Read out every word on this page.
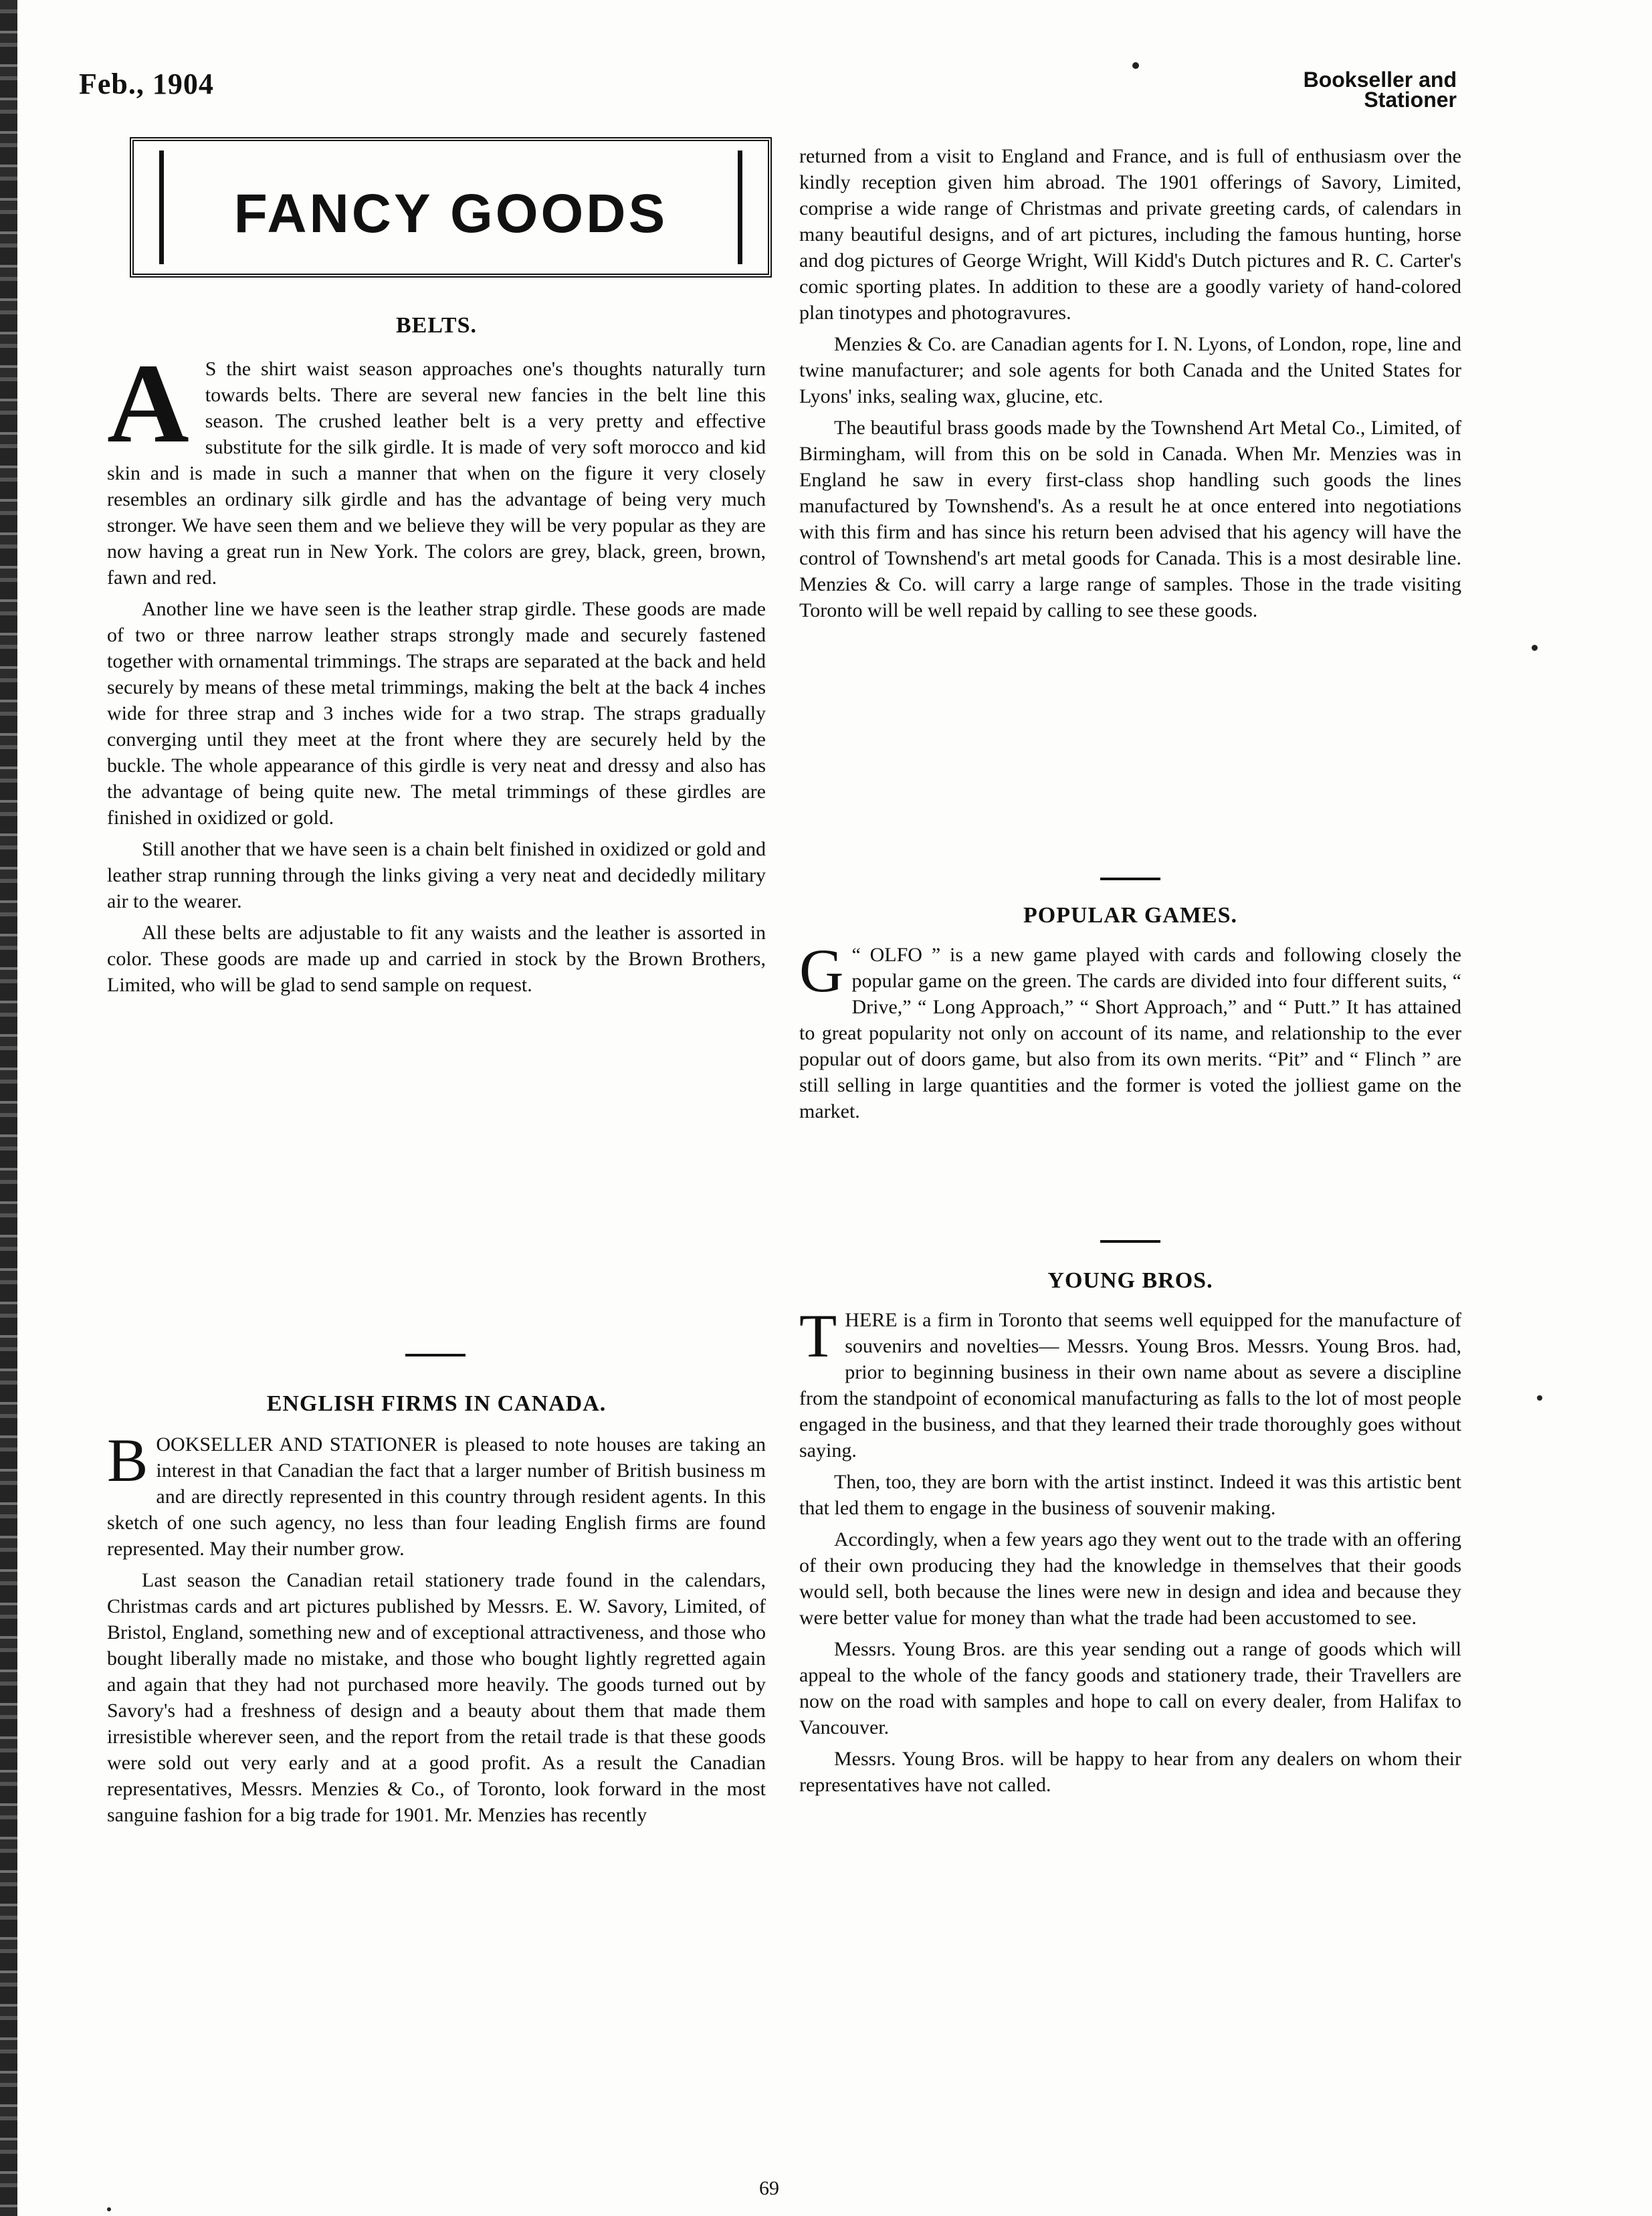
Feb., 1904	Bookseller and
Stationer
FANCY GOODS

BELTS.

A S the shirt waist season approaches one's thoughts naturally turn towards belts. There are several new fancies in the belt line this season. The crushed leather belt is a very pretty and effective substitute for the silk girdle. It is made of very soft morocco and kid skin and is made in such a manner that when on the figure it very closely resembles an ordinary silk girdle and has the advantage of being very much stronger. We have seen them and we believe they will be very popular as they are now having a great run in New York. The colors are grey, black, green, brown, fawn and red.

Another line we have seen is the leather strap girdle. These goods are made of two or three narrow leather straps strongly made and securely fastened together with ornamental trimmings. The straps are separated at the back and held securely by means of these metal trimmings, making the belt at the back 4 inches wide for three strap and 3 inches wide for a two strap. The straps gradually converging until they meet at the front where they are securely held by the buckle. The whole appearance of this girdle is very neat and dressy and also has the advantage of being quite new. The metal trimmings of these girdles are finished in oxidized or gold.

Still another that we have seen is a chain belt finished in oxidized or gold and leather strap running through the links giving a very neat and decidedly military air to the wearer.

All these belts are adjustable to fit any waists and the leather is assorted in color. These goods are made up and carried in stock by the Brown Brothers, Limited, who will be glad to send sample on request.

ENGLISH FIRMS IN CANADA.

BOOKSELLER AND STATIONER is pleased to note houses are taking an interest in that Canadian the fact that a larger number of British business m and are directly represented in this country through resident agents. In this sketch of one such agency, no less than four leading English firms are found represented. May their number grow.

Last season the Canadian retail stationery trade found in the calendars, Christmas cards and art pictures published by Messrs. E. W. Savory, Limited, of Bristol, England, something new and of exceptional attractiveness, and those who bought liberally made no mistake, and those who bought lightly regretted again and again that they had not purchased more heavily. The goods turned out by Savory's had a freshness of design and a beauty about them that made them irresistible wherever seen, and the report from the retail trade is that these goods were sold out very early and at a good profit. As a result the Canadian representatives, Messrs. Menzies & Co., of Toronto, look forward in the most sanguine fashion for a big trade for 1901. Mr. Menzies has recently

returned from a visit to England and France, and is full of enthusiasm over the kindly reception given him abroad. The 1901 offerings of Savory, Limited, comprise a wide range of Christmas and private greeting cards, of calendars in many beautiful designs, and of art pictures, including the famous hunting, horse and dog pictures of George Wright, Will Kidd's Dutch pictures and R. C. Carter's comic sporting plates. In addition to these are a goodly variety of hand-colored plan tinotypes and photogravures.

Menzies & Co. are Canadian agents for I. N. Lyons, of London, rope, line and twine manufacturer; and sole agents for both Canada and the United States for Lyons' inks, sealing wax, glucine, etc.

The beautiful brass goods made by the Townshend Art Metal Co., Limited, of Birmingham, will from this on be sold in Canada. When Mr. Menzies was in England he saw in every first-class shop handling such goods the lines manufactured by Townshend's. As a result he at once entered into negotiations with this firm and has since his return been advised that his agency will have the control of Townshend's art metal goods for Canada. This is a most desirable line. Menzies & Co. will carry a large range of samples. Those in the trade visiting Toronto will be well repaid by calling to see these goods.

POPULAR GAMES.

G “ OLFO ” is a new game played with cards and following closely the popular game on the green. The cards are divided into four different suits, “ Drive,” “ Long Approach,” “ Short Approach,” and “ Putt.” It has attained to great popularity not only on account of its name, and relationship to the ever popular out of doors game, but also from its own merits. “Pit” and “ Flinch ” are still selling in large quantities and the former is voted the jolliest game on the market.

YOUNG BROS.

THERE is a firm in Toronto that seems well equipped for the manufacture of souvenirs and novelties— Messrs. Young Bros. Messrs. Young Bros. had, prior to beginning business in their own name about as severe a discipline from the standpoint of economical manufacturing as falls to the lot of most people engaged in the business, and that they learned their trade thoroughly goes without saying.

Then, too, they are born with the artist instinct. Indeed it was this artistic bent that led them to engage in the business of souvenir making.

Accordingly, when a few years ago they went out to the trade with an offering of their own producing they had the knowledge in themselves that their goods would sell, both because the lines were new in design and idea and because they were better value for money than what the trade had been accustomed to see.

Messrs. Young Bros. are this year sending out a range of goods which will appeal to the whole of the fancy goods and stationery trade, their Travellers are now on the road with samples and hope to call on every dealer, from Halifax to Vancouver.

Messrs. Young Bros. will be happy to hear from any dealers on whom their representatives have not called.

69
